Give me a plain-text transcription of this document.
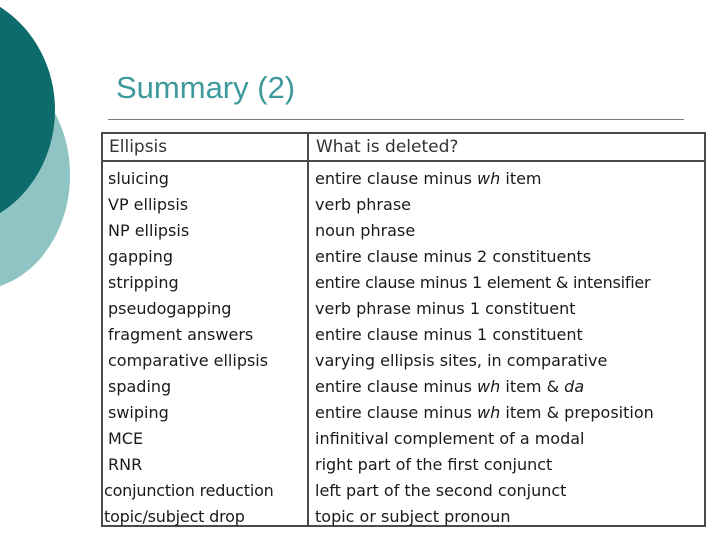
Summary (2)
Ellipsis	What is deleted?
sluicing	entire clause minus wh item
VP ellipsis	verb phrase
NP ellipsis	noun phrase
gapping	entire clause minus 2 constituents
stripping	entire clause minus 1 element & intensifier
pseudogapping	verb phrase minus 1 constituent
fragment answers	entire clause minus 1 constituent
comparative ellipsis	varying ellipsis sites, in comparative
spading	entire clause minus wh item & da
swiping	entire clause minus wh item & preposition
MCE	infinitival complement of a modal
RNR	right part of the first conjunct
conjunction reduction	left part of the second conjunct
topic/subject drop	topic or subject pronoun
